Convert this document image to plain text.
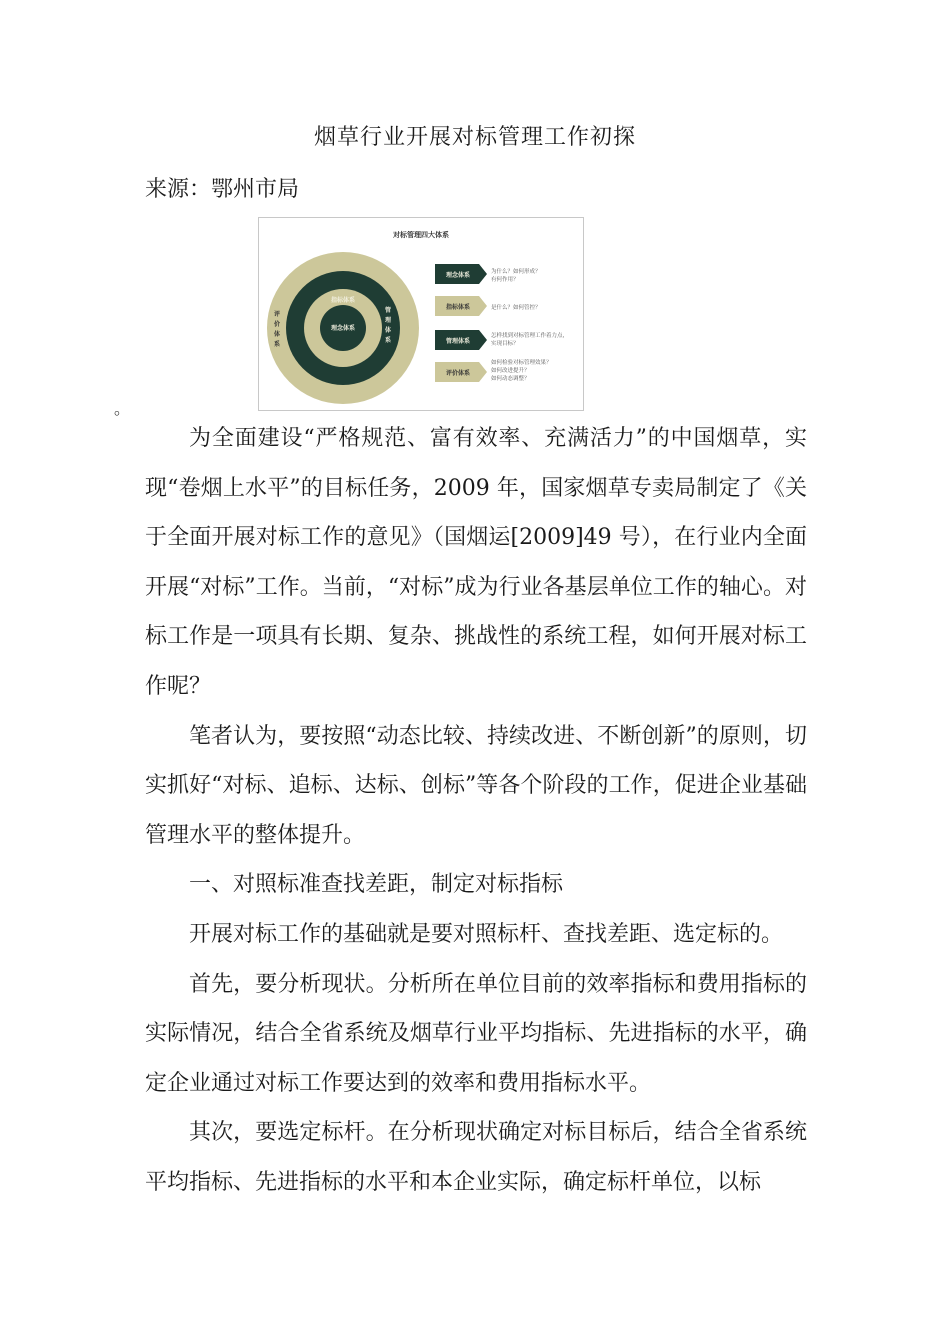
烟草行业开展对标管理工作初探
来源：鄂州市局
对标管理四大体系
评
价
体
系
管
理
体
系
指标体系
理念体系
理念体系	为什么？如何形成？
有何作用？
指标体系	是什么？如何管控？
管理体系
怎样找到对标管理工作着力点，
实现目标？
评价体系
如何检验对标管理效果？
如何改进提升？
如何动态调整？
。

为全面建设“严格规范、富有效率、充满活力”的中国烟草，实现“卷烟上水平”的目标任务，2009 年，国家烟草专卖局制定了《关于全面开展对标工作的意见》（国烟运[2009]49 号），在行业内全面开展“对标”工作。当前，“对标”成为行业各基层单位工作的轴心。对标工作是一项具有长期、复杂、挑战性的系统工程，如何开展对标工作呢？

笔者认为，要按照“动态比较、持续改进、不断创新”的原则，切实抓好“对标、追标、达标、创标”等各个阶段的工作，促进企业基础管理水平的整体提升。

一、对照标准查找差距，制定对标指标

开展对标工作的基础就是要对照标杆、查找差距、选定标的。

首先，要分析现状。分析所在单位目前的效率指标和费用指标的实际情况，结合全省系统及烟草行业平均指标、先进指标的水平，确定企业通过对标工作要达到的效率和费用指标水平。

其次，要选定标杆。在分析现状确定对标目标后，结合全省系统平均指标、先进指标的水平和本企业实际，确定标杆单位，以标
